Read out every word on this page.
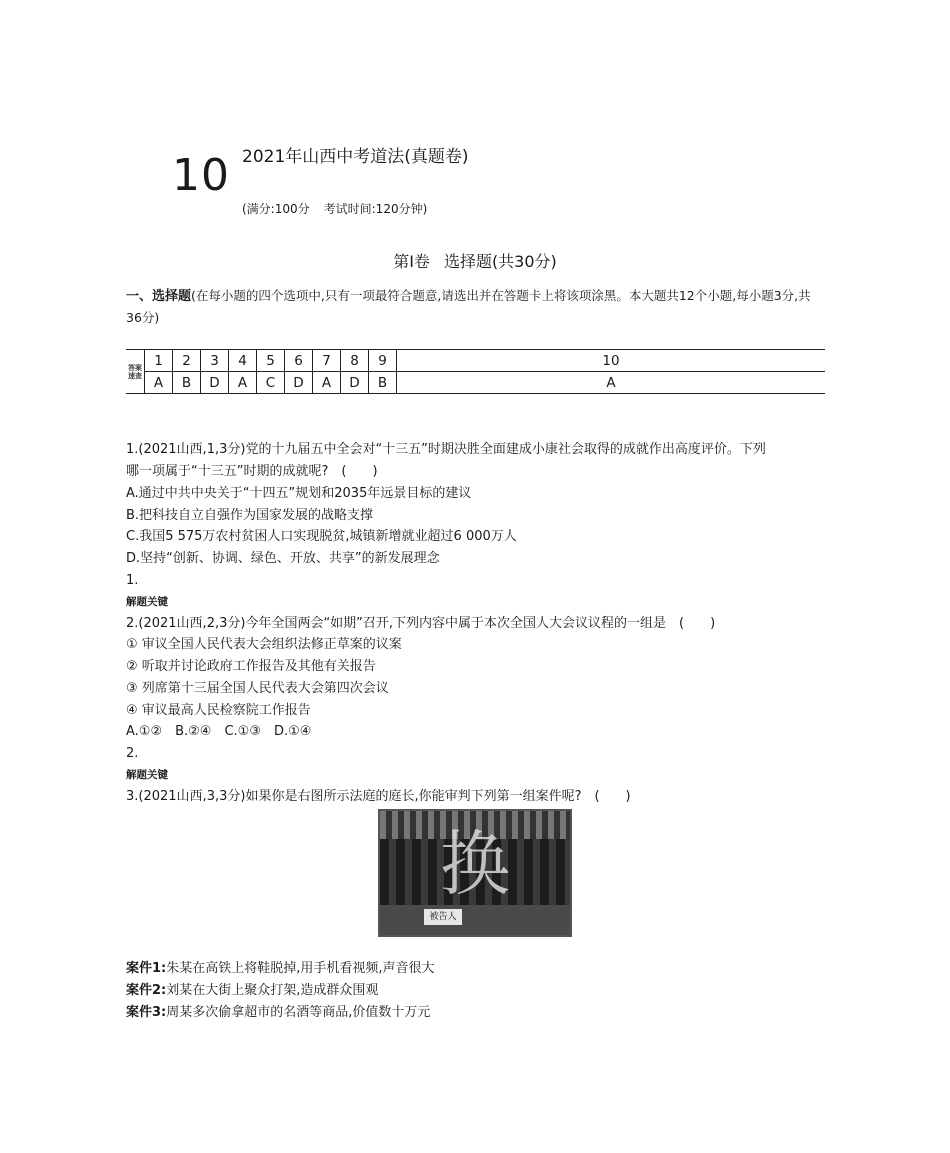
10 2021年山西中考道法(真题卷)
(满分:100分 考试时间:120分钟)
第Ⅰ卷 选择题(共30分)
一、选择题(在每小题的四个选项中,只有一项最符合题意,请选出并在答题卡上将该项涂黑。本大题共12个小题,每小题3分,共36分)
答案
速查	1	2	3	4	5	6	7	8	9	10
	A	B	D	A	C	D	A	D	B	A
1.(2021山西,1,3分)党的十九届五中全会对“十三五”时期决胜全面建成小康社会取得的成就作出高度评价。下列
哪一项属于“十三五”时期的成就呢?　(　　)
A.通过中共中央关于“十四五”规划和2035年远景目标的建议
B.把科技自立自强作为国家发展的战略支撑
C.我国5 575万农村贫困人口实现脱贫,城镇新增就业超过6 000万人
D.坚持“创新、协调、绿色、开放、共享”的新发展理念
1.
解题关键
2.(2021山西,2,3分)今年全国两会“如期”召开,下列内容中属于本次全国人大会议议程的一组是　(　　)
① 审议全国人民代表大会组织法修正草案的议案
② 听取并讨论政府工作报告及其他有关报告
③ 列席第十三届全国人民代表大会第四次会议
④ 审议最高人民检察院工作报告
A.①②　B.②④　C.①③　D.①④
2.
解题关键
3.(2021山西,3,3分)如果你是右图所示法庭的庭长,你能审判下列第一组案件呢?　(　　)
被告人
换
案件1:朱某在高铁上将鞋脱掉,用手机看视频,声音很大
案件2:刘某在大街上聚众打架,造成群众围观
案件3:周某多次偷拿超市的名酒等商品,价值数十万元
